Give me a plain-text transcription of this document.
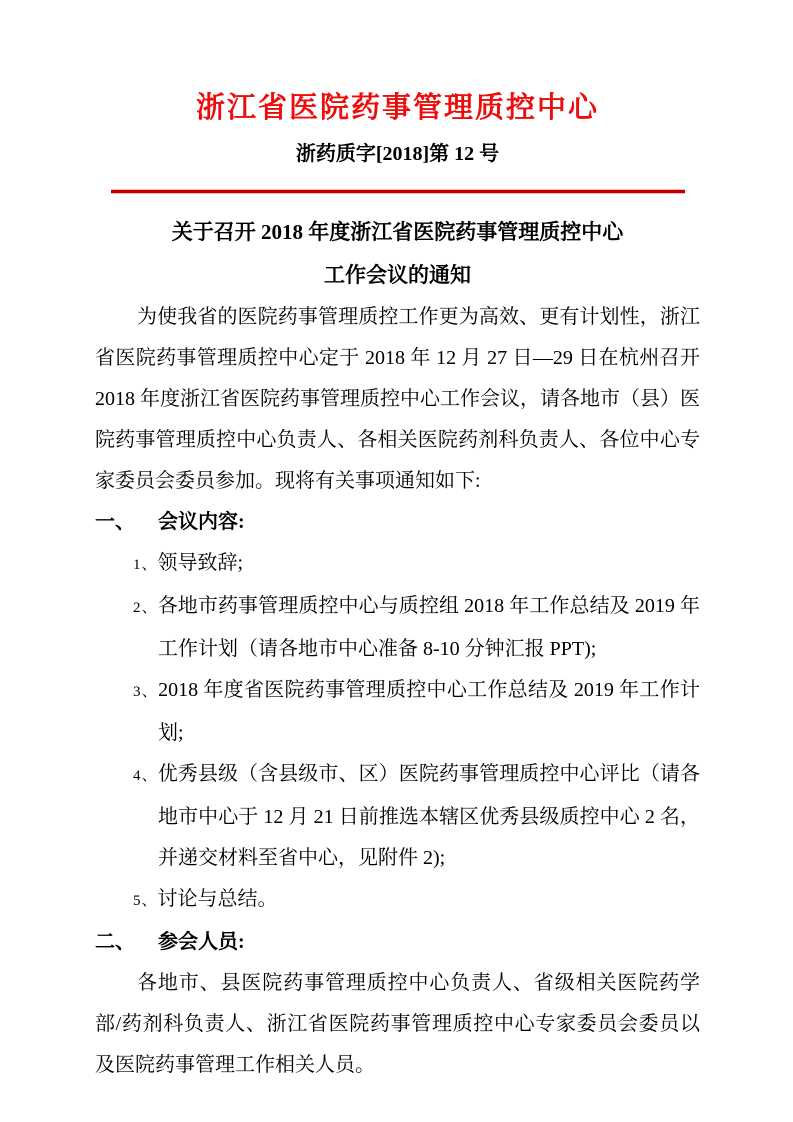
浙江省医院药事管理质控中心
浙药质字[2018]第 12 号
关于召开 2018 年度浙江省医院药事管理质控中心
工作会议的通知

为使我省的医院药事管理质控工作更为高效、更有计划性，浙江省医院药事管理质控中心定于 2018 年 12 月 27 日—29 日在杭州召开 2018 年度浙江省医院药事管理质控中心工作会议，请各地市（县）医院药事管理质控中心负责人、各相关医院药剂科负责人、各位中心专家委员会委员参加。现将有关事项通知如下:

一、 会议内容:

1、领导致辞;
2、各地市药事管理质控中心与质控组 2018 年工作总结及 2019 年工作计划（请各地市中心准备 8-10 分钟汇报 PPT);
3、2018 年度省医院药事管理质控中心工作总结及 2019 年工作计划;
4、优秀县级（含县级市、区）医院药事管理质控中心评比（请各地市中心于 12 月 21 日前推选本辖区优秀县级质控中心 2 名，并递交材料至省中心，见附件 2);
5、讨论与总结。

二、 参会人员:

各地市、县医院药事管理质控中心负责人、省级相关医院药学部/药剂科负责人、浙江省医院药事管理质控中心专家委员会委员以及医院药事管理工作相关人员。
